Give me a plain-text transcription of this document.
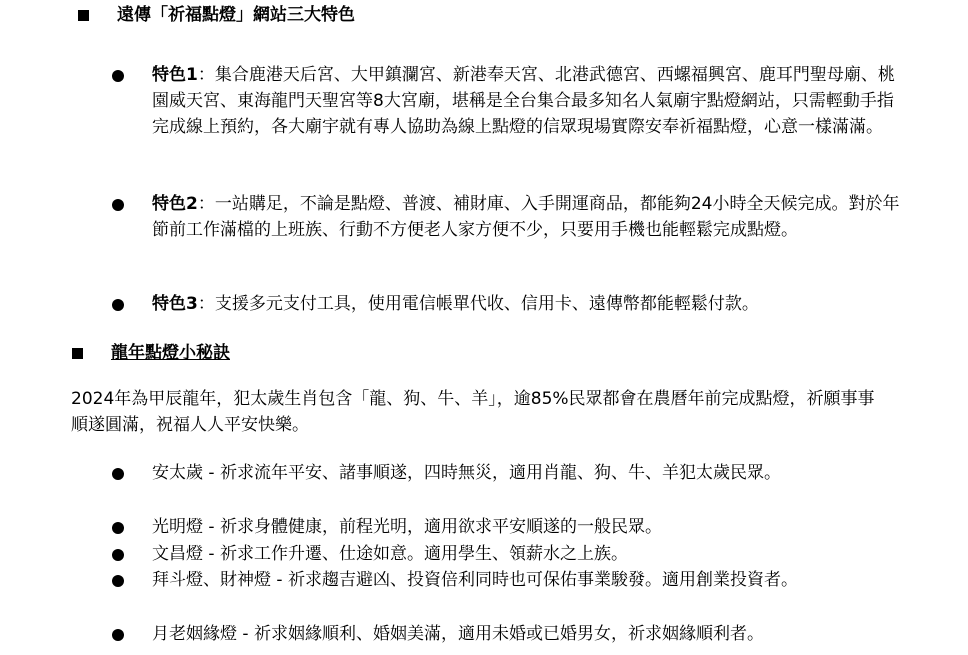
遠傳「祈福點燈」網站三大特色
特色1：集合鹿港天后宮、大甲鎮瀾宮、新港奉天宮、北港武德宮、西螺福興宮、鹿耳門聖母廟、桃園威天宮、東海龍門天聖宮等8大宮廟，堪稱是全台集合最多知名人氣廟宇點燈網站，只需輕動手指完成線上預約，各大廟宇就有專人協助為線上點燈的信眾現場實際安奉祈福點燈，心意一樣滿滿。
特色2：一站購足，不論是點燈、普渡、補財庫、入手開運商品，都能夠24小時全天候完成。對於年節前工作滿檔的上班族、行動不方便老人家方便不少，只要用手機也能輕鬆完成點燈。
特色3：支援多元支付工具，使用電信帳單代收、信用卡、遠傳幣都能輕鬆付款。
龍年點燈小秘訣
2024年為甲辰龍年，犯太歲生肖包含「龍、狗、牛、羊」，逾85%民眾都會在農曆年前完成點燈，祈願事事順遂圓滿，祝福人人平安快樂。
安太歲 - 祈求流年平安、諸事順遂，四時無災，適用肖龍、狗、牛、羊犯太歲民眾。
光明燈 - 祈求身體健康，前程光明，適用欲求平安順遂的一般民眾。
文昌燈 - 祈求工作升遷、仕途如意。適用學生、領薪水之上族。
拜斗燈、財神燈 - 祈求趨吉避凶、投資倍利同時也可保佑事業駿發。適用創業投資者。
月老姻緣燈 - 祈求姻緣順利、婚姻美滿，適用未婚或已婚男女，祈求姻緣順利者。
